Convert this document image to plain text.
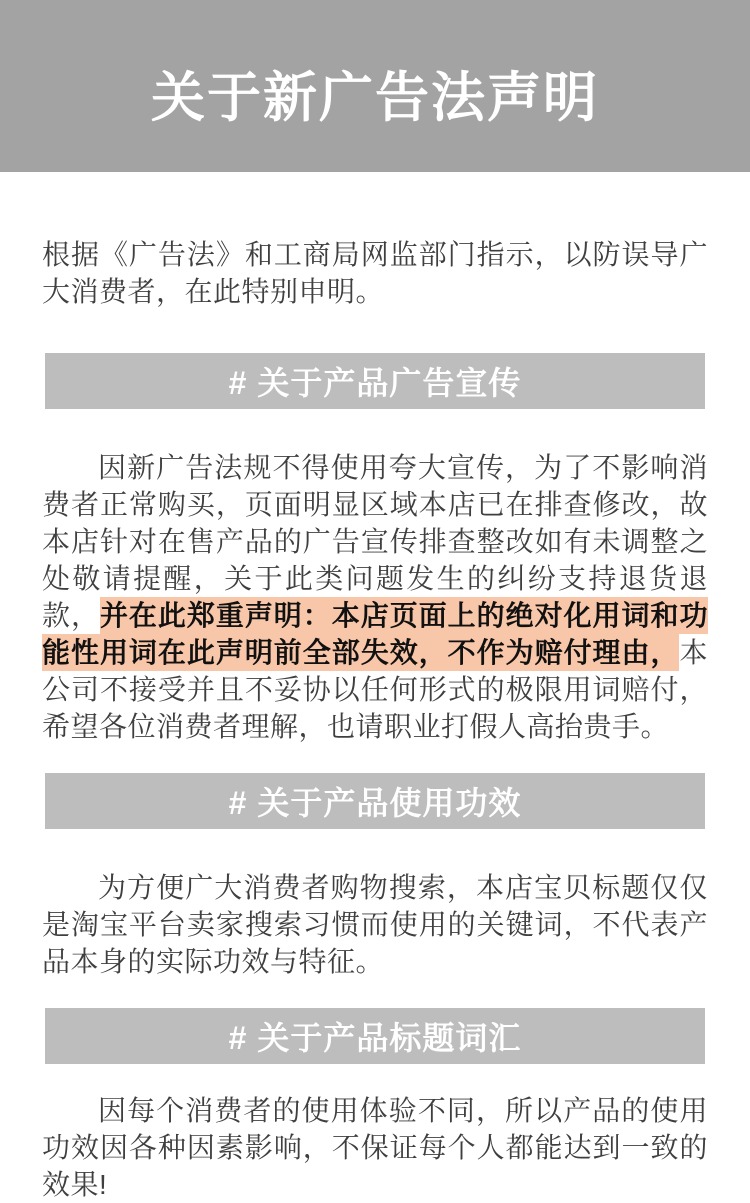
关于新广告法声明

根据《广告法》和工商局网监部门指示，以防误导广大消费者，在此特别申明。

# 关于产品广告宣传

因新广告法规不得使用夸大宣传，为了不影响消费者正常购买，页面明显区域本店已在排查修改，故本店针对在售产品的广告宣传排查整改如有未调整之处敬请提醒，关于此类问题发生的纠纷支持退货退款，并在此郑重声明：本店页面上的绝对化用词和功能性用词在此声明前全部失效，不作为赔付理由，本公司不接受并且不妥协以任何形式的极限用词赔付，希望各位消费者理解，也请职业打假人高抬贵手。

# 关于产品使用功效

为方便广大消费者购物搜索，本店宝贝标题仅仅是淘宝平台卖家搜索习惯而使用的关键词，不代表产品本身的实际功效与特征。

# 关于产品标题词汇

因每个消费者的使用体验不同，所以产品的使用功效因各种因素影响，不保证每个人都能达到一致的效果!
